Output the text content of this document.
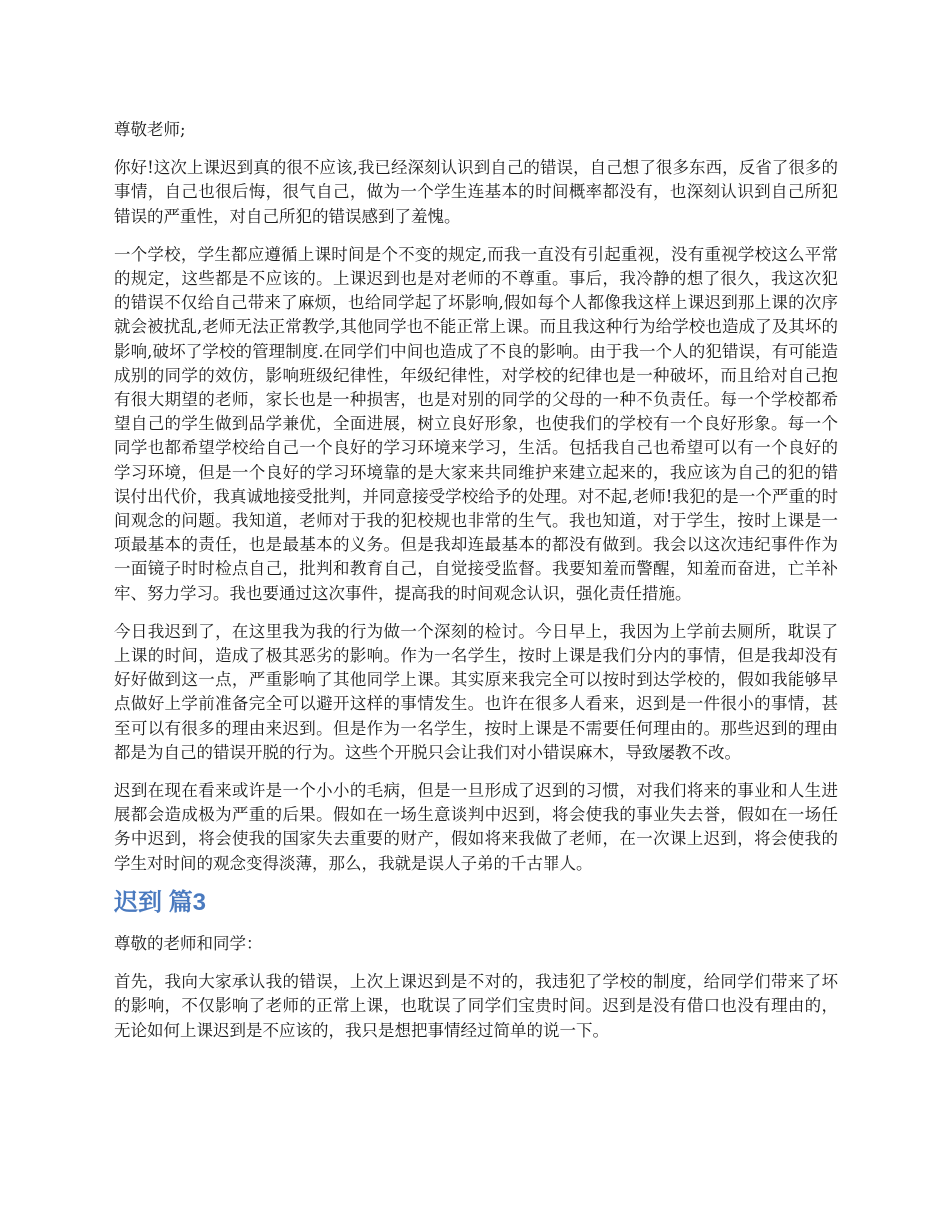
尊敬老师;

你好!这次上课迟到真的很不应该,我已经深刻认识到自己的错误，自己想了很多东西，反省了很多的事情，自己也很后悔，很气自己，做为一个学生连基本的时间概率都没有，也深刻认识到自己所犯错误的严重性，对自己所犯的错误感到了羞愧。

一个学校，学生都应遵循上课时间是个不变的规定,而我一直没有引起重视，没有重视学校这么平常的规定，这些都是不应该的。上课迟到也是对老师的不尊重。事后，我冷静的想了很久，我这次犯的错误不仅给自己带来了麻烦，也给同学起了坏影响,假如每个人都像我这样上课迟到那上课的次序就会被扰乱,老师无法正常教学,其他同学也不能正常上课。而且我这种行为给学校也造成了及其坏的影响,破坏了学校的管理制度.在同学们中间也造成了不良的影响。由于我一个人的犯错误，有可能造成别的同学的效仿，影响班级纪律性，年级纪律性，对学校的纪律也是一种破坏，而且给对自己抱有很大期望的老师，家长也是一种损害，也是对别的同学的父母的一种不负责任。每一个学校都希望自己的学生做到品学兼优，全面进展，树立良好形象，也使我们的学校有一个良好形象。每一个同学也都希望学校给自己一个良好的学习环境来学习，生活。包括我自己也希望可以有一个良好的学习环境，但是一个良好的学习环境靠的是大家来共同维护来建立起来的，我应该为自己的犯的错误付出代价，我真诚地接受批判，并同意接受学校给予的处理。对不起,老师!我犯的是一个严重的时间观念的问题。我知道，老师对于我的犯校规也非常的生气。我也知道，对于学生，按时上课是一项最基本的责任，也是最基本的义务。但是我却连最基本的都没有做到。我会以这次违纪事件作为一面镜子时时检点自己，批判和教育自己，自觉接受监督。我要知羞而警醒，知羞而奋进，亡羊补牢、努力学习。我也要通过这次事件，提高我的时间观念认识，强化责任措施。

今日我迟到了，在这里我为我的行为做一个深刻的检讨。今日早上，我因为上学前去厕所，耽误了上课的时间，造成了极其恶劣的影响。作为一名学生，按时上课是我们分内的事情，但是我却没有好好做到这一点，严重影响了其他同学上课。其实原来我完全可以按时到达学校的，假如我能够早点做好上学前准备完全可以避开这样的事情发生。也许在很多人看来，迟到是一件很小的事情，甚至可以有很多的理由来迟到。但是作为一名学生，按时上课是不需要任何理由的。那些迟到的理由都是为自己的错误开脱的行为。这些个开脱只会让我们对小错误麻木，导致屡教不改。

迟到在现在看来或许是一个小小的毛病，但是一旦形成了迟到的习惯，对我们将来的事业和人生进展都会造成极为严重的后果。假如在一场生意谈判中迟到，将会使我的事业失去誉，假如在一场任务中迟到，将会使我的国家失去重要的财产，假如将来我做了老师，在一次课上迟到，将会使我的学生对时间的观念变得淡薄，那么，我就是误人子弟的千古罪人。

迟到 篇3

尊敬的老师和同学：

首先，我向大家承认我的错误，上次上课迟到是不对的，我违犯了学校的制度，给同学们带来了坏的影响，不仅影响了老师的正常上课，也耽误了同学们宝贵时间。迟到是没有借口也没有理由的，无论如何上课迟到是不应该的，我只是想把事情经过简单的说一下。
